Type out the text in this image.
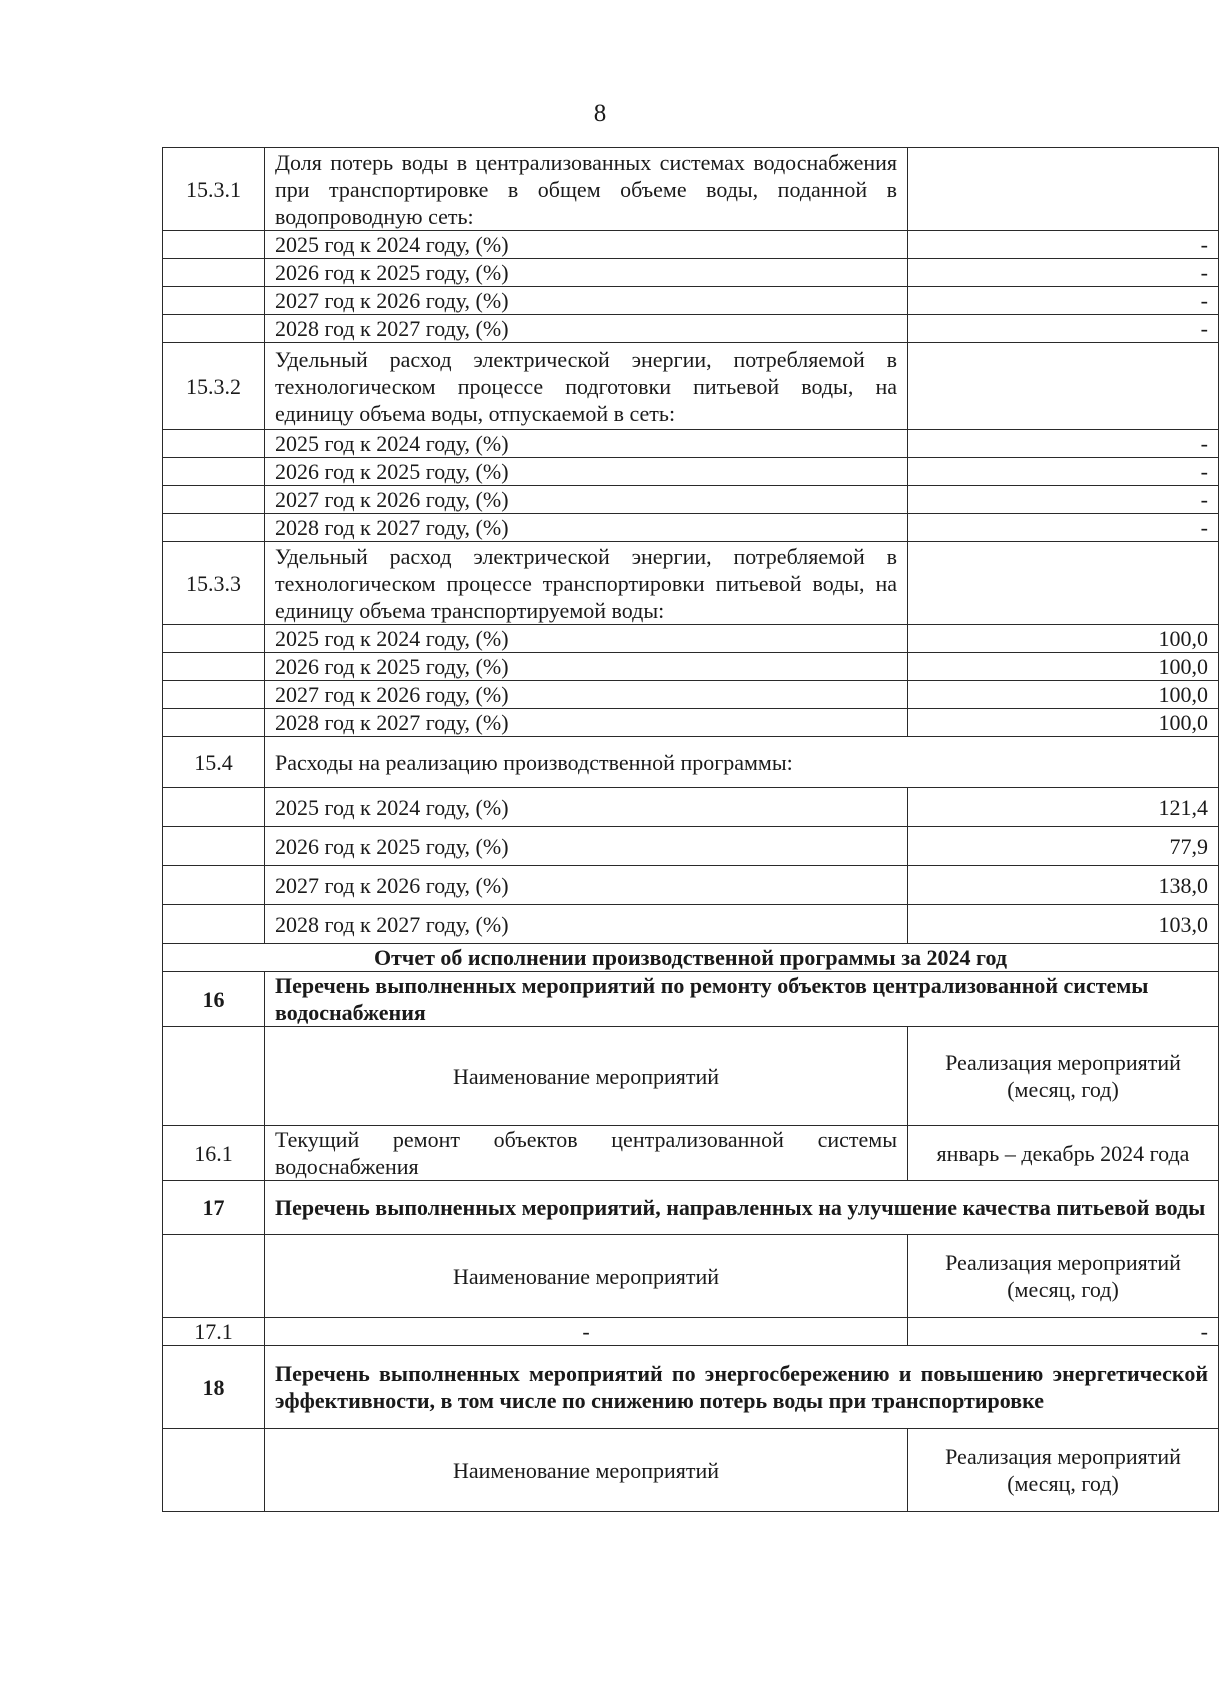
8
15.3.1	Доля потерь воды в централизованных системах водоснабжения при транспортировке в общем объеме воды, поданной в водопроводную сеть:	
	2025 год к 2024 году, (%)	-
	2026 год к 2025 году, (%)	-
	2027 год к 2026 году, (%)	-
	2028 год к 2027 году, (%)	-
15.3.2	Удельный расход электрической энергии, потребляемой в технологическом процессе подготовки питьевой воды, на единицу объема воды, отпускаемой в сеть:	
	2025 год к 2024 году, (%)	-
	2026 год к 2025 году, (%)	-
	2027 год к 2026 году, (%)	-
	2028 год к 2027 году, (%)	-
15.3.3	Удельный расход электрической энергии, потребляемой в технологическом процессе транспортировки питьевой воды, на единицу объема транспортируемой воды:	
	2025 год к 2024 году, (%)	100,0
	2026 год к 2025 году, (%)	100,0
	2027 год к 2026 году, (%)	100,0
	2028 год к 2027 году, (%)	100,0
15.4	Расходы на реализацию производственной программы:	
	2025 год к 2024 году, (%)	121,4
	2026 год к 2025 году, (%)	77,9
	2027 год к 2026 году, (%)	138,0
	2028 год к 2027 году, (%)	103,0
Отчет об исполнении производственной программы за 2024 год		
16	Перечень выполненных мероприятий по ремонту объектов централизованной системы водоснабжения	
	Наименование мероприятий	Реализация мероприятий (месяц, год)
16.1	Текущий ремонт объектов централизованной системы водоснабжения	январь – декабрь 2024 года
17	Перечень выполненных мероприятий, направленных на улучшение качества питьевой воды	
	Наименование мероприятий	Реализация мероприятий (месяц, год)
17.1	-	-
18	Перечень выполненных мероприятий по энергосбережению и повышению энергетической эффективности, в том числе по снижению потерь воды при транспортировке	
	Наименование мероприятий	Реализация мероприятий (месяц, год)
